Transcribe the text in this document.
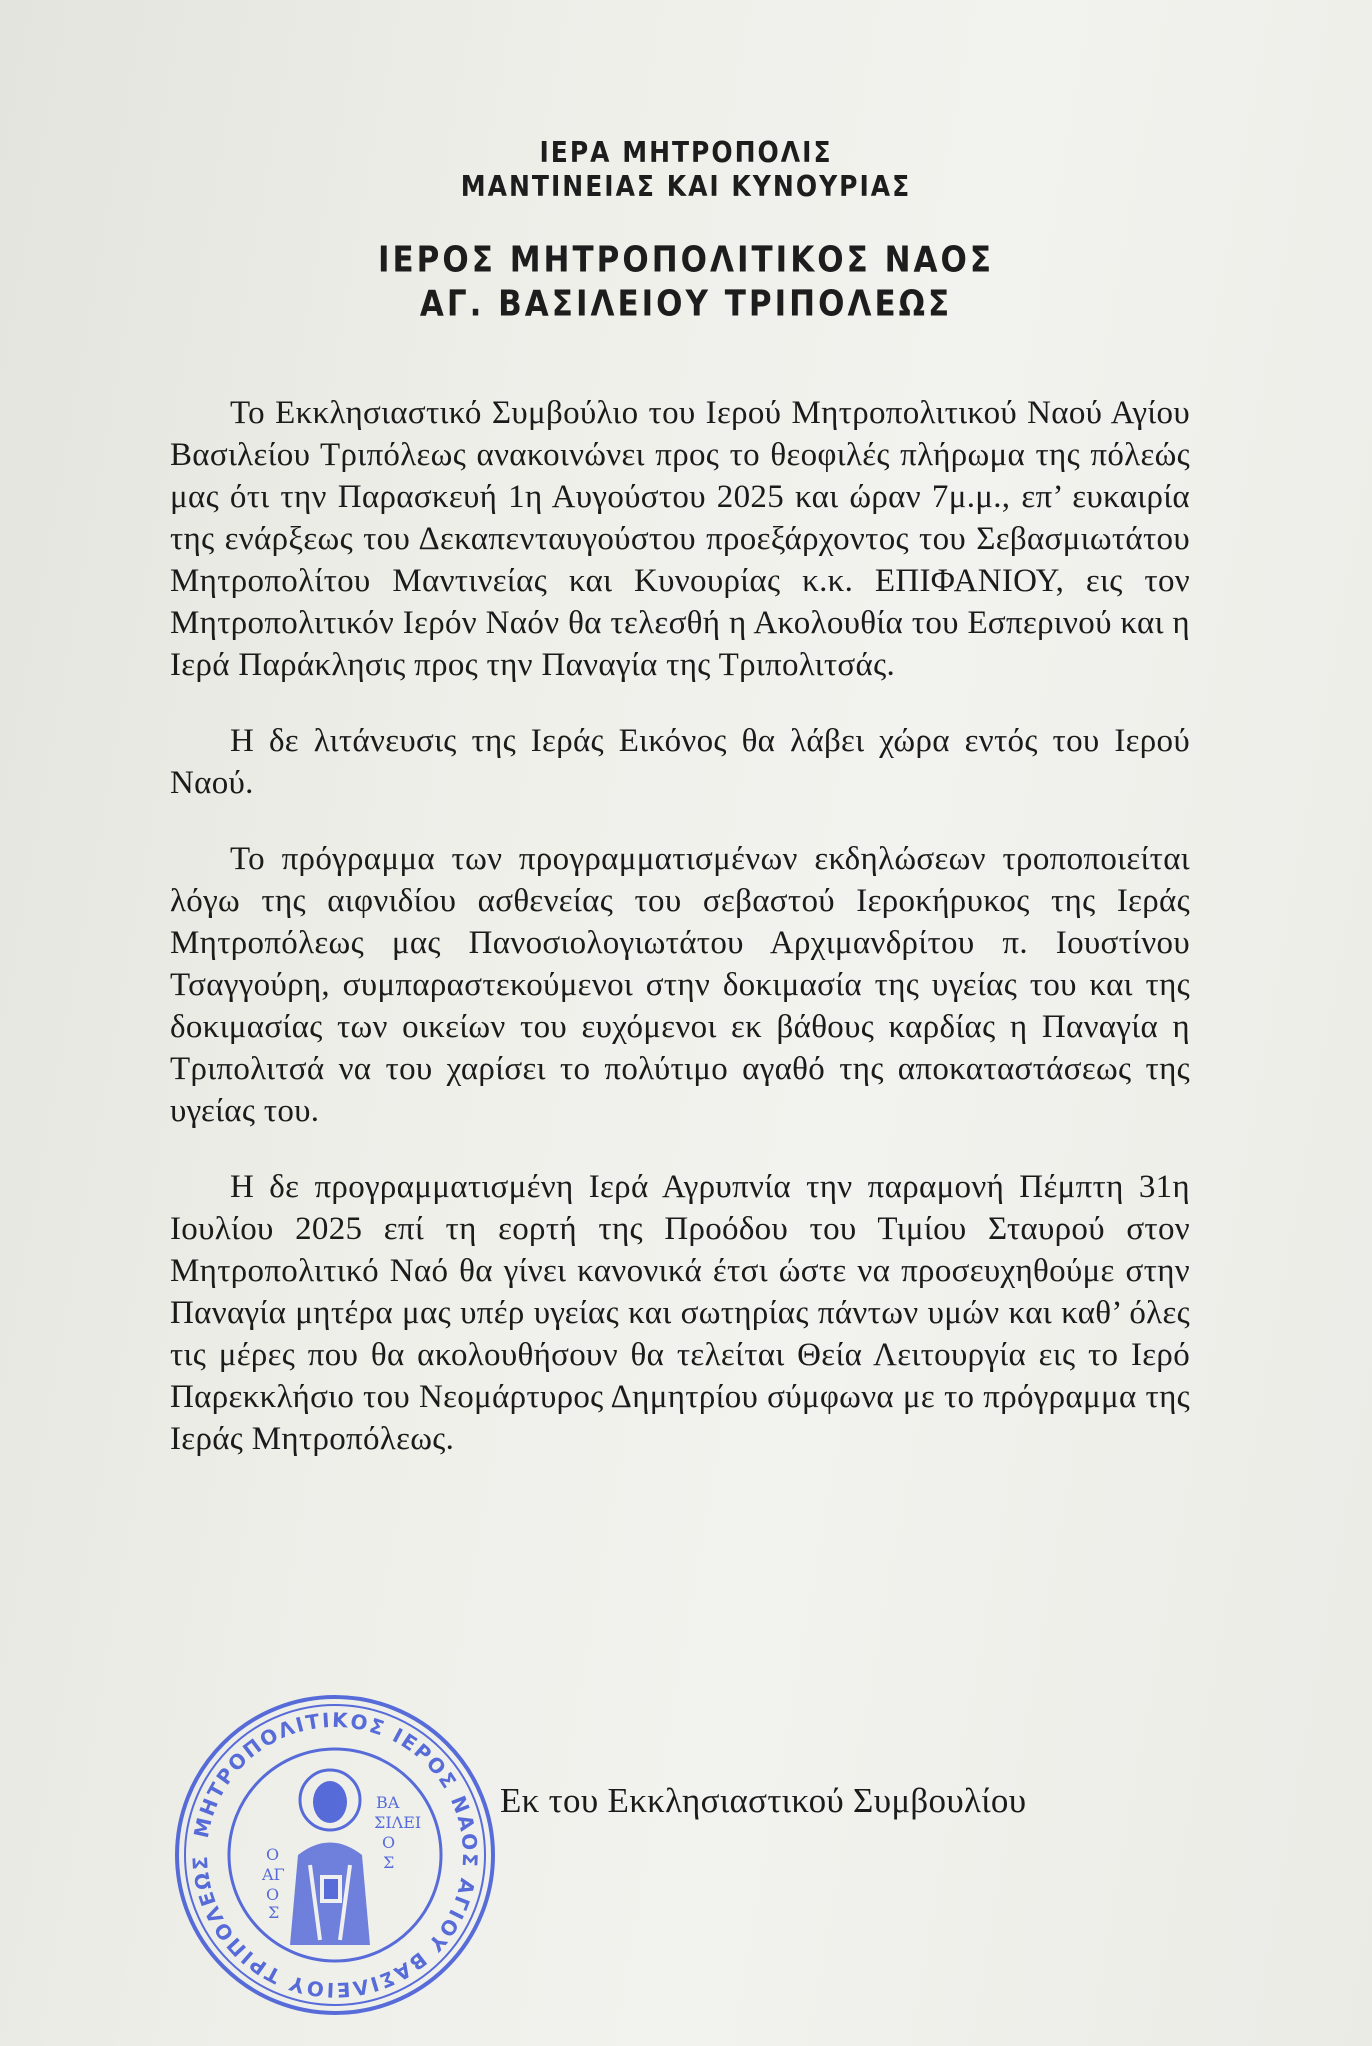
ΙΕΡΑ ΜΗΤΡΟΠΟΛΙΣ
ΜΑΝΤΙΝΕΙΑΣ ΚΑΙ ΚΥΝΟΥΡΙΑΣ
ΙΕΡΟΣ ΜΗΤΡΟΠΟΛΙΤΙΚΟΣ ΝΑΟΣ
ΑΓ. ΒΑΣΙΛΕΙΟΥ ΤΡΙΠΟΛΕΩΣ

Το Εκκλησιαστικό Συμβούλιο του Ιερού Μητροπολιτικού Ναού Αγίου Βασιλείου Τριπόλεως ανακοινώνει προς το θεοφιλές πλήρωμα της πόλεώς μας ότι την Παρασκευή 1η Αυγούστου 2025 και ώραν 7μ.μ., επ’ ευκαιρία της ενάρξεως του Δεκαπενταυγούστου προεξάρχοντος του Σεβασμιωτάτου Μητροπολίτου Μαντινείας και Κυνουρίας κ.κ. ΕΠΙΦΑΝΙΟΥ, εις τον Μητροπολιτικόν Ιερόν Ναόν θα τελεσθή η Ακολουθία του Εσπερινού και η Ιερά Παράκλησις προς την Παναγία της Τριπολιτσάς.

Η δε λιτάνευσις της Ιεράς Εικόνος θα λάβει χώρα εντός του Ιερού Ναού.

Το πρόγραμμα των προγραμματισμένων εκδηλώσεων τροποποιείται λόγω της αιφνιδίου ασθενείας του σεβαστού Ιεροκήρυκος της Ιεράς Μητροπόλεως μας Πανοσιολογιωτάτου Αρχιμανδρίτου π. Ιουστίνου Τσαγγούρη, συμπαραστεκούμενοι στην δοκιμασία της υγείας του και της δοκιμασίας των οικείων του ευχόμενοι εκ βάθους καρδίας η Παναγία η Τριπολιτσά να του χαρίσει το πολύτιμο αγαθό της αποκαταστάσεως της υγείας του.

Η δε προγραμματισμένη Ιερά Αγρυπνία την παραμονή Πέμπτη 31η Ιουλίου 2025 επί τη εορτή της Προόδου του Τιμίου Σταυρού στον Μητροπολιτικό Ναό θα γίνει κανονικά έτσι ώστε να προσευχηθούμε στην Παναγία μητέρα μας υπέρ υγείας και σωτηρίας πάντων υμών και καθ’ όλες τις μέρες που θα ακολουθήσουν θα τελείται Θεία Λειτουργία εις το Ιερό Παρεκκλήσιο του Νεομάρτυρος Δημητρίου σύμφωνα με το πρόγραμμα της Ιεράς Μητροπόλεως.

ΜΗΤΡΟΠΟΛΙΤΙΚΟΣ ΙΕΡΟΣ ΝΑΟΣ ΑΓΙΟΥ ΒΑΣΙΛΕΙΟΥ ΤΡΙΠΟΛΕΩΣ	Ο
ΑΓ
Ο
Σ
ΒΑ
ΣΙΛΕΙ
Ο
Σ
Εκ του Εκκλησιαστικού Συμβουλίου
